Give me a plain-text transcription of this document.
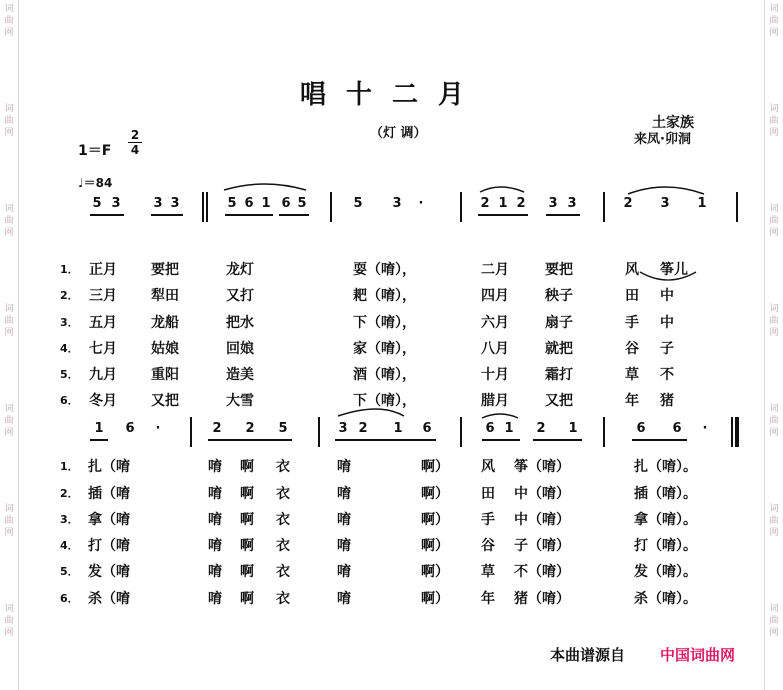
词
曲
网
词
曲
网
词
曲
网
词
曲
网
词
曲
网
词
曲
网
词
曲
网
词
曲
网
词
曲
网
词
曲
网
词
曲
网
词
曲
网
词
曲
网
词
曲
网
唱十二月
1＝F
2
4
♩＝84
（灯 调）
土家族
来凤·卯洞
5 3	3 3	5 6 1 6 5	5 3	·	2 1 2 3 3	2 3 1
1． 正月 要把	龙灯	耍（唷），	二月	要把	风 筝儿
2． 三月 犁田	又打	耙（唷），	四月	秧子	田 中
3． 五月 龙船	把水	下（唷），	六月	扇子	手 中
4． 七月 姑娘	回娘	家（唷），	八月	就把	谷 子
5． 九月 重阳	造美	酒（唷），	十月	霜打	草 不
6． 冬月 又把	大雪	下（唷），	腊月	又把	年 猪
1 6	·	2 2 5	3 2 1 6	6 1 2 1	6 6	·
1． 扎（唷	唷 啊 衣	唷	啊） 风 筝（唷）	扎（唷）。
2． 插（唷	唷 啊 衣	唷	啊） 田 中（唷）	插（唷）。
3． 拿（唷	唷 啊 衣	唷	啊） 手 中（唷）	拿（唷）。
4． 打（唷	唷 啊 衣	唷	啊） 谷 子（唷）	打（唷）。
5． 发（唷	唷 啊 衣	唷	啊） 草 不（唷）	发（唷）。
6． 杀（唷	唷 啊 衣	唷	啊） 年 猪（唷）	杀（唷）。
本曲谱源自 中国词曲网
